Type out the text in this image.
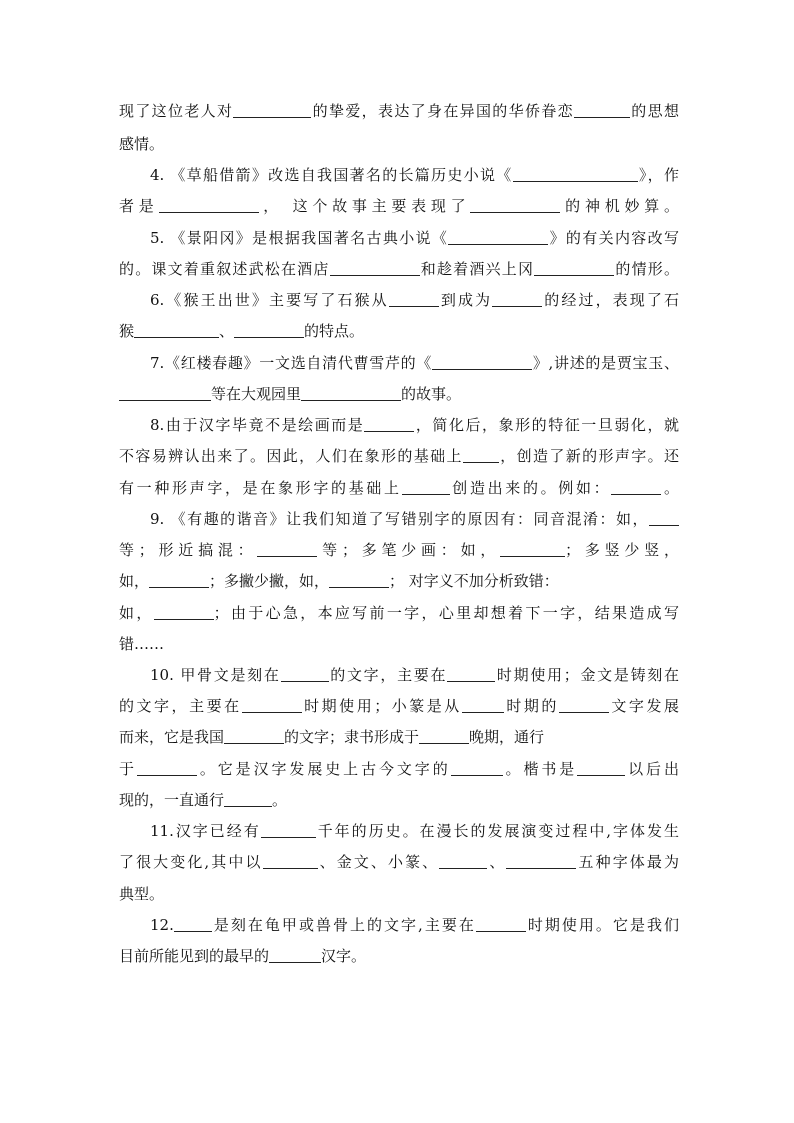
现了这位老人对	的挚爱，表达了身在异国的华侨眷恋	的思想
感情。
4. 《草船借箭》改选自我国著名的长篇历史小说《	》，作
者是	， 这个故事主要表现了	的神机妙算。
5. 《景阳冈》是根据我国著名古典小说《	》的有关内容改写
的。课文着重叙述武松在酒店	和趁着酒兴上冈	的情形。
6.《猴王出世》主要写了石猴从	到成为	的经过，表现了石
猴	、	的特点。
7.《红楼春趣》一文选自清代曹雪芹的《	》,讲述的是贾宝玉、
等在大观园里	的故事。
8.由于汉字毕竟不是绘画而是	，简化后，象形的特征一旦弱化，就
不容易辨认出来了。因此，人们在象形的基础上 ，创造了新的形声字。还
有一种形声字，是在象形字的基础上	创造出来的。例如：	。
9. 《有趣的谐音》让我们知道了写错别字的原因有：同音混淆：如，
等；形近搞混：	等；多笔少画：如，	；多竖少竖，
如，	；多撇少撇，如，	； 对字义不加分析致错：
如，	；由于心急，本应写前一字，心里却想着下一字，结果造成写
错……
10. 甲骨文是刻在	的文字，主要在	时期使用；金文是铸刻在
的文字，主要在	时期使用；小篆是从	时期的	文字发展
而来，它是我国	的文字；隶书形成于	晚期，通行
于	。它是汉字发展史上古今文字的	。楷书是	以后出
现的，一直通行	。
11.汉字已经有	千年的历史。在漫长的发展演变过程中,字体发生
了很大变化,其中以	、金文、小篆、	、	五种字体最为
典型。
12.	是刻在龟甲或兽骨上的文字,主要在	时期使用。它是我们
目前所能见到的最早的	汉字。
